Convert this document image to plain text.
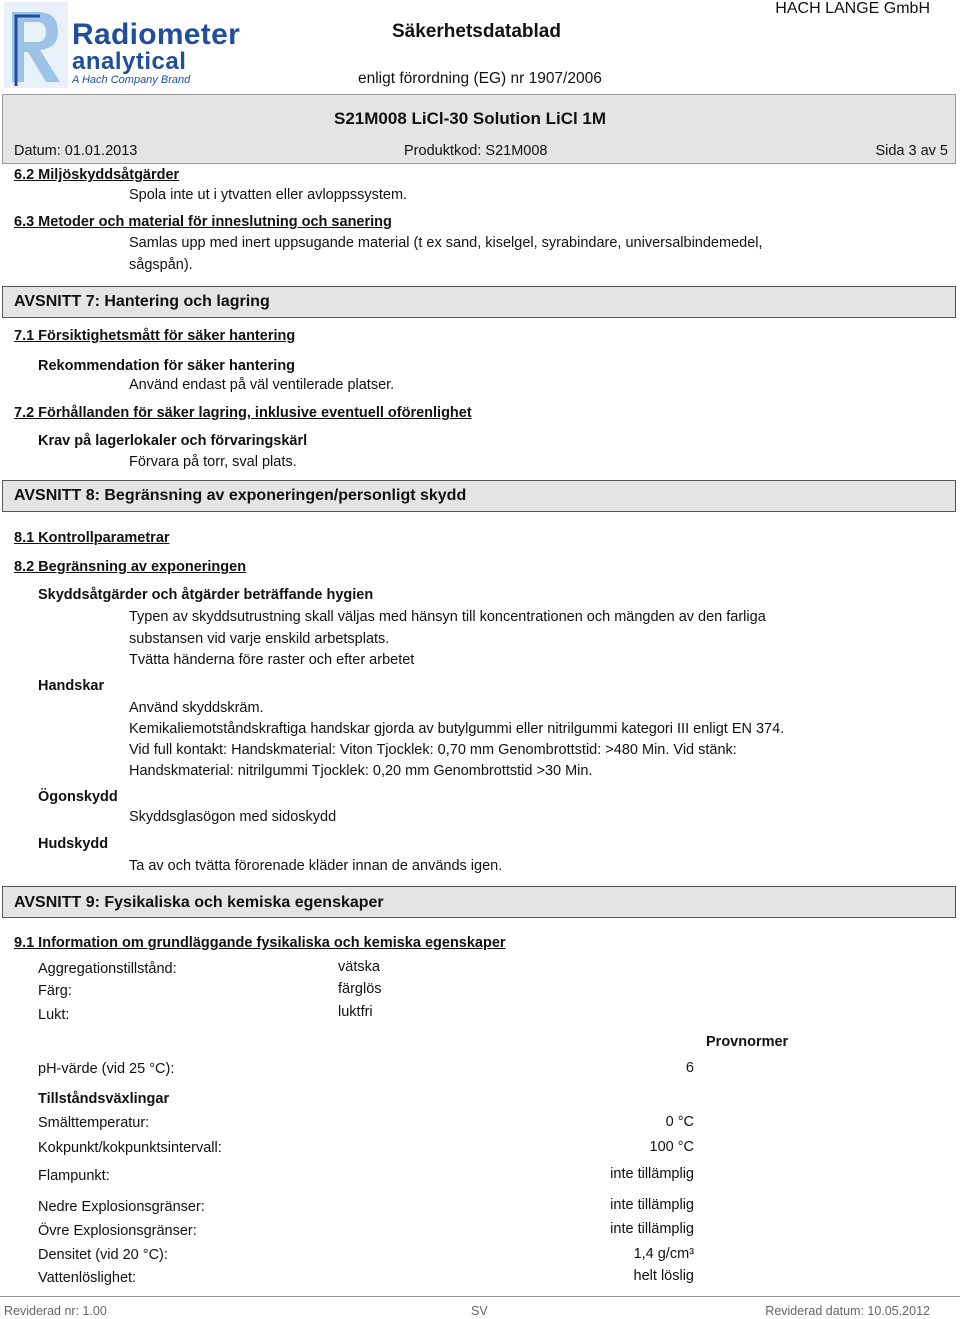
Radiometer
analytical
A Hach Company Brand
Säkerhetsdatablad
HACH LANGE GmbH
enligt förordning (EG) nr 1907/2006
S21M008 LiCl-30 Solution LiCl 1M
Datum: 01.01.2013	Produktkod: S21M008	Sida 3 av 5
6.2 Miljöskyddsåtgärder
Spola inte ut i ytvatten eller avloppssystem.
6.3 Metoder och material för inneslutning och sanering
Samlas upp med inert uppsugande material (t ex sand, kiselgel, syrabindare, universalbindemedel,
sågspån).
AVSNITT 7: Hantering och lagring
7.1 Försiktighetsmått för säker hantering
Rekommendation för säker hantering
Använd endast på väl ventilerade platser.
7.2 Förhållanden för säker lagring, inklusive eventuell oförenlighet
Krav på lagerlokaler och förvaringskärl
Förvara på torr, sval plats.
AVSNITT 8: Begränsning av exponeringen/personligt skydd
8.1 Kontrollparametrar
8.2 Begränsning av exponeringen
Skyddsåtgärder och åtgärder beträffande hygien
Typen av skyddsutrustning skall väljas med hänsyn till koncentrationen och mängden av den farliga
substansen vid varje enskild arbetsplats.
Tvätta händerna före raster och efter arbetet
Handskar
Använd skyddskräm.
Kemikaliemotståndskraftiga handskar gjorda av butylgummi eller nitrilgummi kategori III enligt EN 374.
Vid full kontakt: Handskmaterial: Viton Tjocklek: 0,70 mm Genombrottstid: >480 Min. Vid stänk:
Handskmaterial: nitrilgummi Tjocklek: 0,20 mm Genombrottstid >30 Min.
Ögonskydd
Skyddsglasögon med sidoskydd
Hudskydd
Ta av och tvätta förorenade kläder innan de används igen.
AVSNITT 9: Fysikaliska och kemiska egenskaper
9.1 Information om grundläggande fysikaliska och kemiska egenskaper
Aggregationstillstånd:	vätska
Färg:	färglös
Lukt:	luktfri
Provnormer
pH-värde (vid 25 °C):	6
Tillståndsväxlingar
Smälttemperatur:	0 °C
Kokpunkt/kokpunktsintervall:	100 °C
Flampunkt:	inte tillämplig
Nedre Explosionsgränser:	inte tillämplig
Övre Explosionsgränser:	inte tillämplig
Densitet (vid 20 °C):	1,4 g/cm³
Vattenlöslighet:	helt löslig
Reviderad nr: 1.00	SV	Reviderad datum: 10.05.2012
